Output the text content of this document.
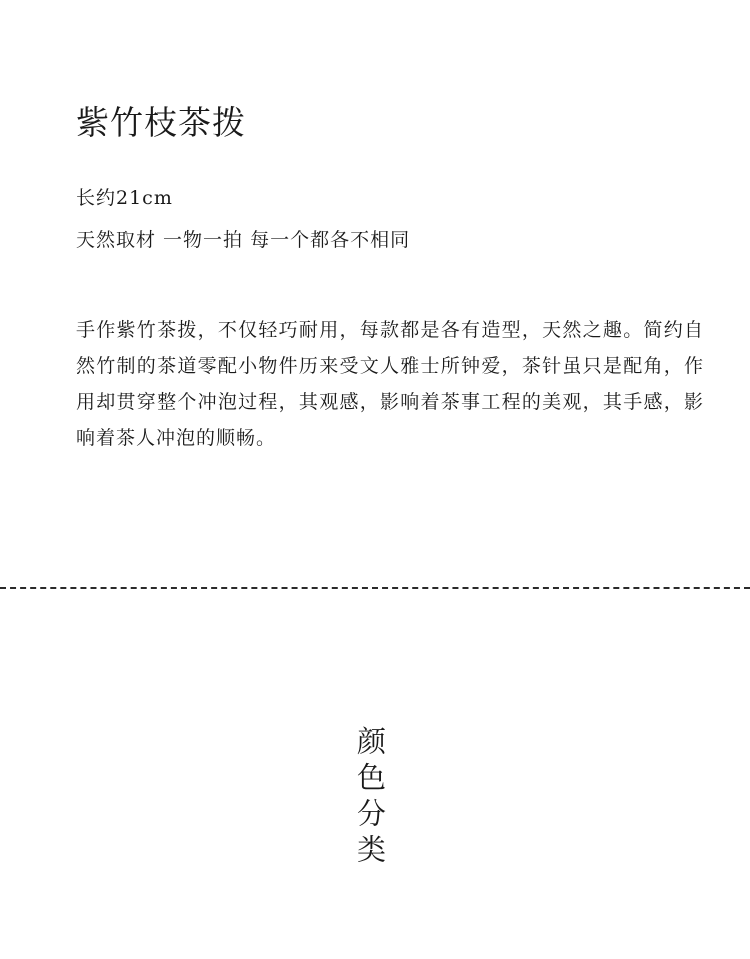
紫竹枝茶拨
长约21cm
天然取材 一物一拍 每一个都各不相同

手作紫竹茶拨，不仅轻巧耐用，每款都是各有造型，天然之趣。简约自然竹制的茶道零配小物件历来受文人雅士所钟爱，茶针虽只是配角，作用却贯穿整个冲泡过程，其观感，影响着茶事工程的美观，其手感，影响着茶人冲泡的顺畅。

颜色分类
